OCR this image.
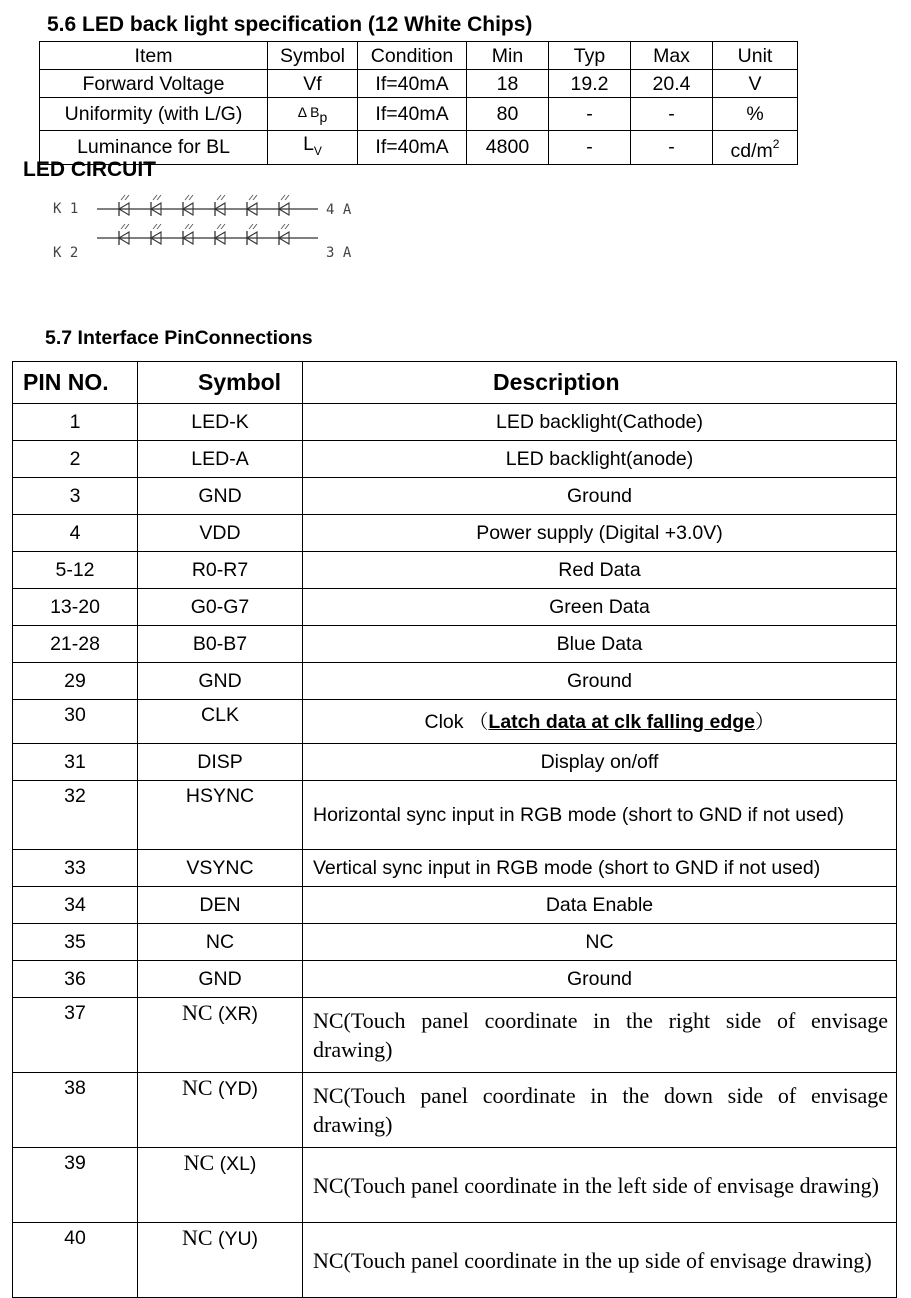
5.6 LED back light specification (12 White Chips)
Item	Symbol	Condition	Min	Typ	Max	Unit
Forward Voltage	Vf	If=40mA	18	19.2	20.4	V
Uniformity (with L/G)	Δ $B_p$	If=40mA	80	-	-	%
Luminance for BL	$L_V$	If=40mA	4800	-	-	$cd/m^2$
LED CIRCUIT
K 1	4 A
K 2	3 A
5.7 Interface PinConnections
PIN NO.	Symbol	Description
1	LED-K	LED backlight(Cathode)
2	LED-A	LED backlight(anode)
3	GND	Ground
4	VDD	Power supply (Digital +3.0V)
5-12	R0-R7	Red Data
13-20	G0-G7	Green Data
21-28	B0-B7	Blue Data
29	GND	Ground
30	CLK	Clok （Latch data at clk falling edge）
31	DISP	Display on/off
32	HSYNC	Horizontal sync input in RGB mode (short to GND if not used)
33	VSYNC	Vertical sync input in RGB mode (short to GND if not used)
34	DEN	Data Enable
35	NC	NC
36	GND	Ground
37	NC (XR)	NC(Touch panel coordinate in the right side of envisage drawing)
38	NC (YD)	NC(Touch panel coordinate in the down side of envisage drawing)
39	NC (XL)	NC(Touch panel coordinate in the left side of envisage drawing)
40	NC (YU)	NC(Touch panel coordinate in the up side of envisage drawing)
